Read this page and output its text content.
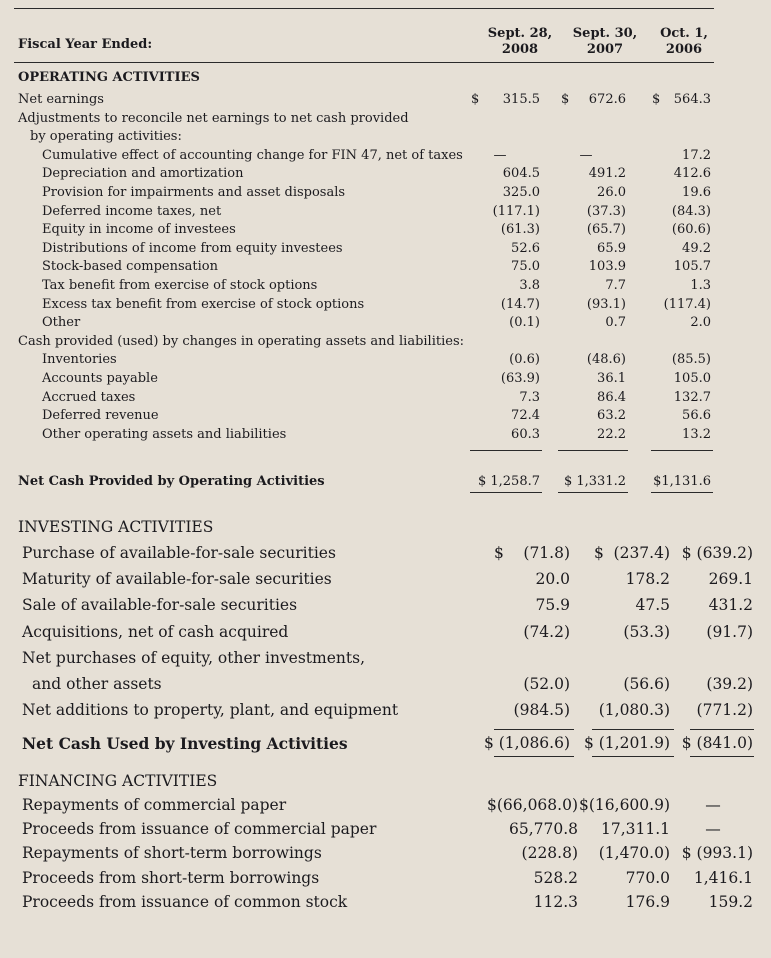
Fiscal Year Ended:
Sept. 28,
2008
Sept. 30,
2007
Oct. 1,
2006
OPERATING ACTIVITIES
Net earnings	315.5	672.6	564.3
$	$	$
Adjustments to reconcile net earnings to net cash provided
by operating activities:
Cumulative effect of accounting change for FIN 47, net of taxes	—	—	17.2
Depreciation and amortization	604.5	491.2	412.6
Provision for impairments and asset disposals	325.0	26.0	19.6
Deferred income taxes, net	(117.1)	(37.3)	(84.3)
Equity in income of investees	(61.3)	(65.7)	(60.6)
Distributions of income from equity investees	52.6	65.9	49.2
Stock-based compensation	75.0	103.9	105.7
Tax benefit from exercise of stock options	3.8	7.7	1.3
Excess tax benefit from exercise of stock options	(14.7)	(93.1)	(117.4)
Other	(0.1)	0.7	2.0
Cash provided (used) by changes in operating assets and liabilities:
Inventories	(0.6)	(48.6)	(85.5)
Accounts payable	(63.9)	36.1	105.0
Accrued taxes	7.3	86.4	132.7
Deferred revenue	72.4	63.2	56.6
Other operating assets and liabilities	60.3	22.2	13.2
Net Cash Provided by Operating Activities	$ 1,258.7	$ 1,331.2	$1,131.6
INVESTING ACTIVITIES
Purchase of available-for-sale securities	(71.8)	(237.4) $ (639.2)
$	$
Maturity of available-for-sale securities	20.0	178.2	269.1
Sale of available-for-sale securities	75.9	47.5	431.2
Acquisitions, net of cash acquired	(74.2)	(53.3)	(91.7)
Net purchases of equity, other investments,
and other assets	(52.0)	(56.6)	(39.2)
Net additions to property, plant, and equipment	(984.5)	(1,080.3)	(771.2)
Net Cash Used by Investing Activities	$ (1,086.6) $ (1,201.9) $ (841.0)
FINANCING ACTIVITIES
Repayments of commercial paper	$(66,068.0) $(16,600.9)	—
Proceeds from issuance of commercial paper	65,770.8	17,311.1	—
Repayments of short-term borrowings	(228.8)	(1,470.0) $ (993.1)
Proceeds from short-term borrowings	528.2	770.0	1,416.1
Proceeds from issuance of common stock	112.3	176.9	159.2
